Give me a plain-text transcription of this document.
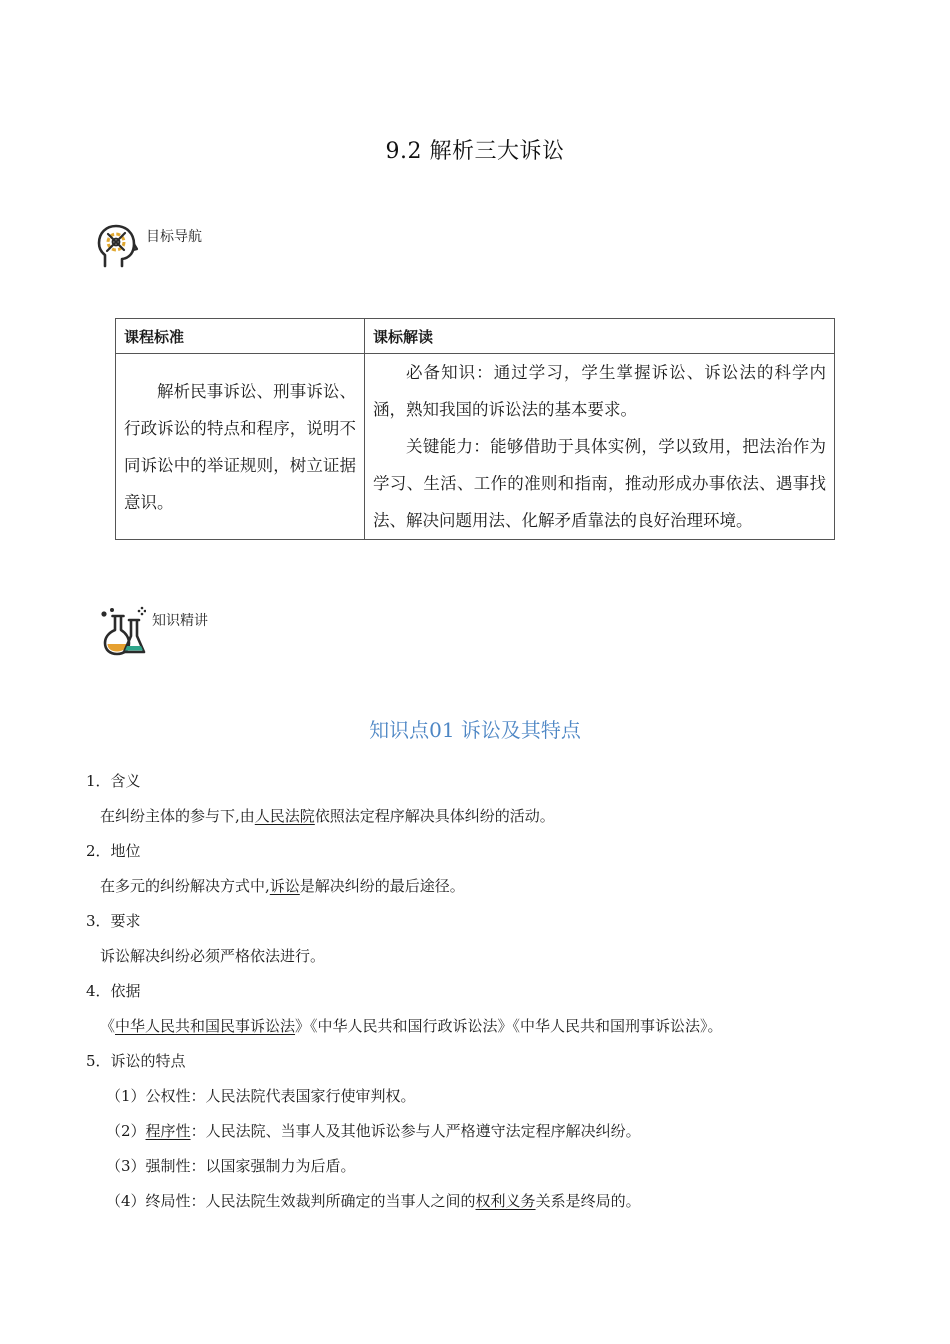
9.2 解析三大诉讼
目标导航
课程标准	课标解读

解析民事诉讼、刑事诉讼、行政诉讼的特点和程序，说明不同诉讼中的举证规则，树立证据意识。	必备知识：通过学习，学生掌握诉讼、诉讼法的科学内涵，熟知我国的诉讼法的基本要求。

关键能力：能够借助于具体实例，学以致用，把法治作为学习、生活、工作的准则和指南，推动形成办事依法、遇事找法、解决问题用法、化解矛盾靠法的良好治理环境。

知识精讲
知识点01 诉讼及其特点
1．含义
在纠纷主体的参与下,由人民法院依照法定程序解决具体纠纷的活动。
2．地位
在多元的纠纷解决方式中,诉讼是解决纠纷的最后途径。
3．要求
诉讼解决纠纷必须严格依法进行。
4．依据
《中华人民共和国民事诉讼法》《中华人民共和国行政诉讼法》《中华人民共和国刑事诉讼法》。
5．诉讼的特点
（1）公权性：人民法院代表国家行使审判权。
（2）程序性：人民法院、当事人及其他诉讼参与人严格遵守法定程序解决纠纷。
（3）强制性：以国家强制力为后盾。
（4）终局性：人民法院生效裁判所确定的当事人之间的权利义务关系是终局的。
